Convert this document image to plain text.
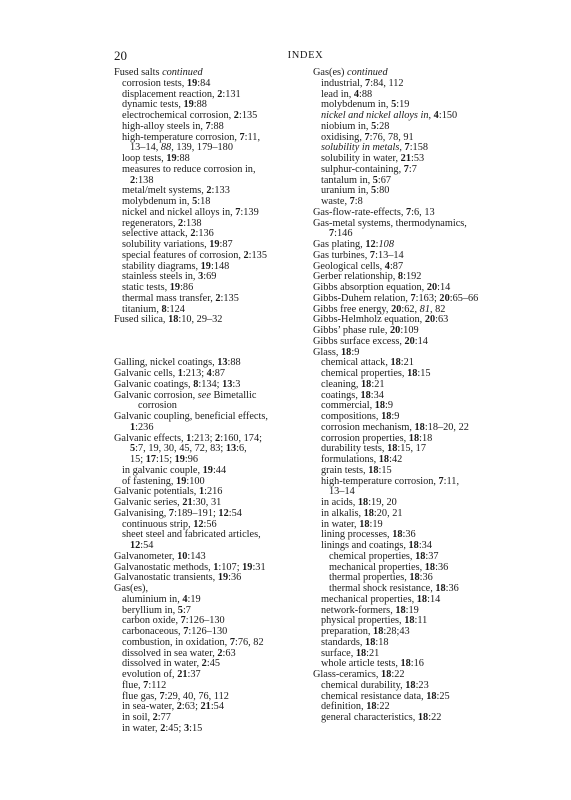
20	INDEX
Fused salts continued
corrosion tests, 19:84
displacement reaction, 2:131
dynamic tests, 19:88
electrochemical corrosion, 2:135
high-alloy steels in, 7:88
high-temperature corrosion, 7:11,
13–14, 88, 139, 179–180
loop tests, 19:88
measures to reduce corrosion in,
2:138
metal/melt systems, 2:133
molybdenum in, 5:18
nickel and nickel alloys in, 7:139
regenerators, 2:138
selective attack, 2:136
solubility variations, 19:87
special features of corrosion, 2:135
stability diagrams, 19:148
stainless steels in, 3:69
static tests, 19:86
thermal mass transfer, 2:135
titanium, 8:124
Fused silica, 18:10, 29–32
Galling, nickel coatings, 13:88
Galvanic cells, 1:213; 4:87
Galvanic coatings, 8:134; 13:3
Galvanic corrosion, see Bimetallic
corrosion
Galvanic coupling, beneficial effects,
1:236
Galvanic effects, 1:213; 2:160, 174;
5:7, 19, 30, 45, 72, 83; 13:6,
15; 17:15; 19:96
in galvanic couple, 19:44
of fastening, 19:100
Galvanic potentials, 1:216
Galvanic series, 21:30, 31
Galvanising, 7:189–191; 12:54
continuous strip, 12:56
sheet steel and fabricated articles,
12:54
Galvanometer, 10:143
Galvanostatic methods, 1:107; 19:31
Galvanostatic transients, 19:36
Gas(es),
aluminium in, 4:19
beryllium in, 5:7
carbon oxide, 7:126–130
carbonaceous, 7:126–130
combustion, in oxidation, 7:76, 82
dissolved in sea water, 2:63
dissolved in water, 2:45
evolution of, 21:37
flue, 7:112
flue gas, 7:29, 40, 76, 112
in sea-water, 2:63; 21:54
in soil, 2:77
in water, 2:45; 3:15
Gas(es) continued
industrial, 7:84, 112
lead in, 4:88
molybdenum in, 5:19
nickel and nickel alloys in, 4:150
niobium in, 5:28
oxidising, 7:76, 78, 91
solubility in metals, 7:158
solubility in water, 21:53
sulphur-containing, 7:7
tantalum in, 5:67
uranium in, 5:80
waste, 7:8
Gas-flow-rate-effects, 7:6, 13
Gas-metal systems, thermodynamics,
7:146
Gas plating, 12:108
Gas turbines, 7:13–14
Geological cells, 4:87
Gerber relationship, 8:192
Gibbs absorption equation, 20:14
Gibbs-Duhem relation, 7:163; 20:65–66
Gibbs free energy, 20:62, 81, 82
Gibbs-Helmholz equation, 20:63
Gibbs’ phase rule, 20:109
Gibbs surface excess, 20:14
Glass, 18:9
chemical attack, 18:21
chemical properties, 18:15
cleaning, 18:21
coatings, 18:34
commercial, 18:9
compositions, 18:9
corrosion mechanism, 18:18–20, 22
corrosion properties, 18:18
durability tests, 18:15, 17
formulations, 18:42
grain tests, 18:15
high-temperature corrosion, 7:11,
13–14
in acids, 18:19, 20
in alkalis, 18:20, 21
in water, 18:19
lining processes, 18:36
linings and coatings, 18:34
chemical properties, 18:37
mechanical properties, 18:36
thermal properties, 18:36
thermal shock resistance, 18:36
mechanical properties, 18:14
network-formers, 18:19
physical properties, 18:11
preparation, 18:28;43
standards, 18:18
surface, 18:21
whole article tests, 18:16
Glass-ceramics, 18:22
chemical durability, 18:23
chemical resistance data, 18:25
definition, 18:22
general characteristics, 18:22
